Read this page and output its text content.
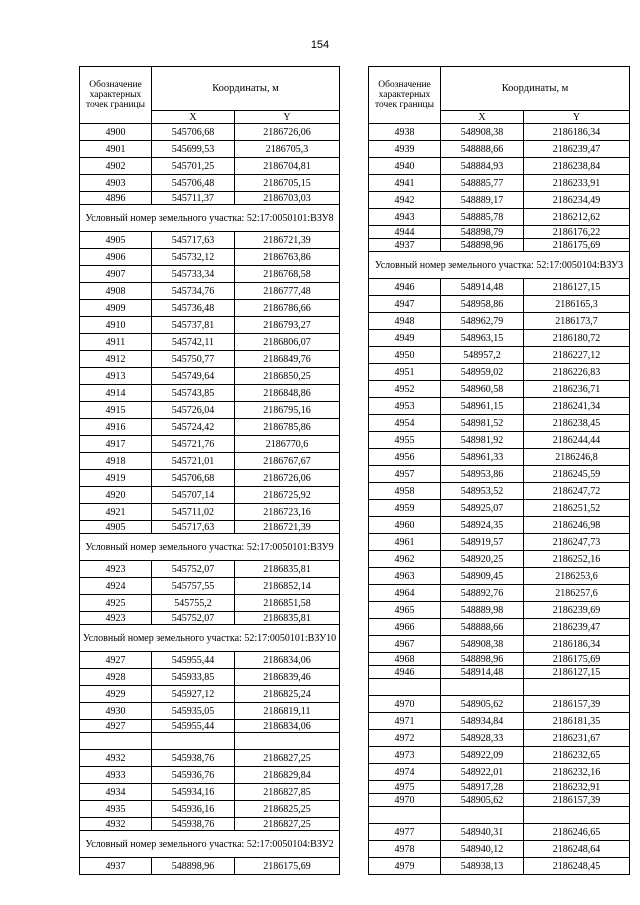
154
Обозначение характерных точек границы	Координаты, м	
	X	Y
4900	545706,68	2186726,06
4901	545699,53	2186705,3
4902	545701,25	2186704,81
4903	545706,48	2186705,15
4896	545711,37	2186703,03
Условный номер земельного участка: 52:17:0050101:ВЗУ8		
4905	545717,63	2186721,39
4906	545732,12	2186763,86
4907	545733,34	2186768,58
4908	545734,76	2186777,48
4909	545736,48	2186786,66
4910	545737,81	2186793,27
4911	545742,11	2186806,07
4912	545750,77	2186849,76
4913	545749,64	2186850,25
4914	545743,85	2186848,86
4915	545726,04	2186795,16
4916	545724,42	2186785,86
4917	545721,76	2186770,6
4918	545721,01	2186767,67
4919	545706,68	2186726,06
4920	545707,14	2186725,92
4921	545711,02	2186723,16
4905	545717,63	2186721,39
Условный номер земельного участка: 52:17:0050101:ВЗУ9		
4923	545752,07	2186835,81
4924	545757,55	2186852,14
4925	545755,2	2186851,58
4923	545752,07	2186835,81
Условный номер земельного участка: 52:17:0050101:ВЗУ10		
4927	545955,44	2186834,06
4928	545933,85	2186839,46
4929	545927,12	2186825,24
4930	545935,05	2186819,11
4927	545955,44	2186834,06

4932	545938,76	2186827,25
4933	545936,76	2186829,84
4934	545934,16	2186827,85
4935	545936,16	2186825,25
4932	545938,76	2186827,25
Условный номер земельного участка: 52:17:0050104:ВЗУ2		
4937	548898,96	2186175,69
Обозначение характерных точек границы	Координаты, м	
	X	Y
4938	548908,38	2186186,34
4939	548888,66	2186239,47
4940	548884,93	2186238,84
4941	548885,77	2186233,91
4942	548889,17	2186234,49
4943	548885,78	2186212,62
4944	548898,79	2186176,22
4937	548898,96	2186175,69
Условный номер земельного участка: 52:17:0050104:ВЗУ3		
4946	548914,48	2186127,15
4947	548958,86	2186165,3
4948	548962,79	2186173,7
4949	548963,15	2186180,72
4950	548957,2	2186227,12
4951	548959,02	2186226,83
4952	548960,58	2186236,71
4953	548961,15	2186241,34
4954	548981,52	2186238,45
4955	548981,92	2186244,44
4956	548961,33	2186246,8
4957	548953,86	2186245,59
4958	548953,52	2186247,72
4959	548925,07	2186251,52
4960	548924,35	2186246,98
4961	548919,57	2186247,73
4962	548920,25	2186252,16
4963	548909,45	2186253,6
4964	548892,76	2186257,6
4965	548889,98	2186239,69
4966	548888,66	2186239,47
4967	548908,38	2186186,34
4968	548898,96	2186175,69
4946	548914,48	2186127,15

4970	548905,62	2186157,39
4971	548934,84	2186181,35
4972	548928,33	2186231,67
4973	548922,09	2186232,65
4974	548922,01	2186232,16
4975	548917,28	2186232,91
4970	548905,62	2186157,39

4977	548940,31	2186246,65
4978	548940,12	2186248,64
4979	548938,13	2186248,45
